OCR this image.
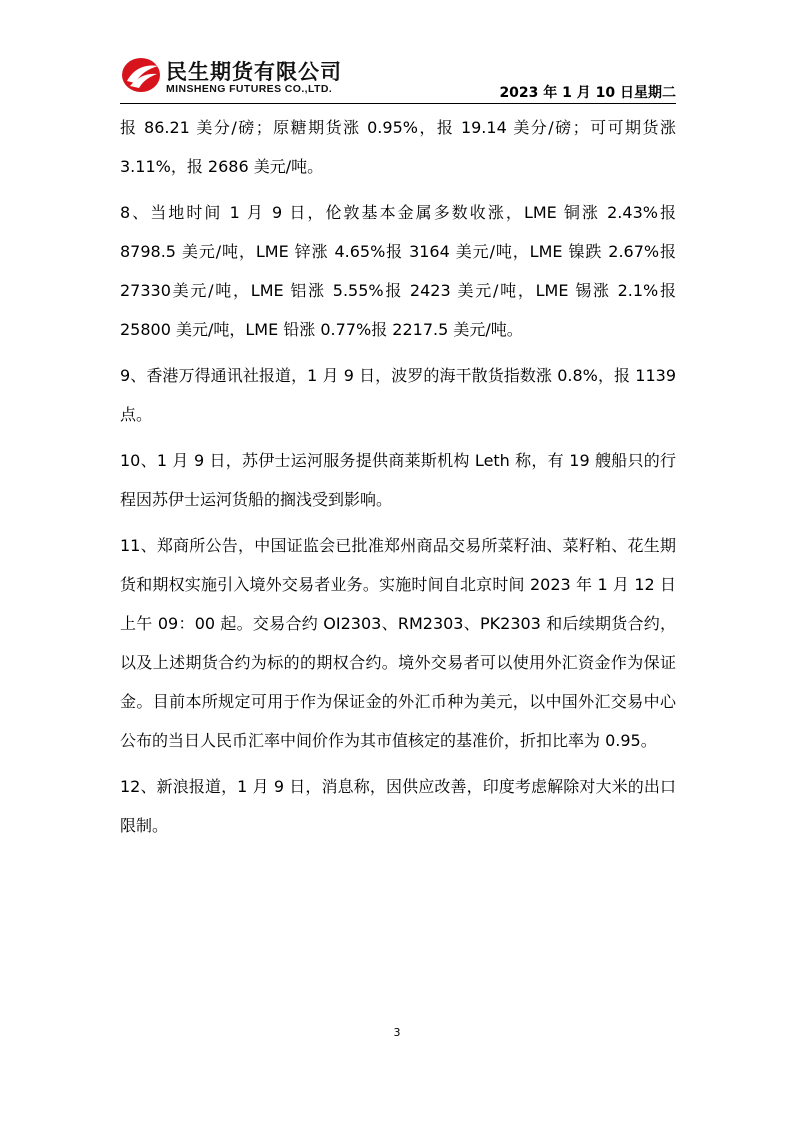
民生期货有限公司
MINSHENG FUTURES CO.,LTD.	2023 年 1 月 10 日星期二

报 86.21 美分/磅；原糖期货涨 0.95%，报 19.14 美分/磅；可可期货涨 3.11%，报 2686 美元/吨。

8、当地时间 1 月 9 日，伦敦基本金属多数收涨，LME 铜涨 2.43%报 8798.5 美元/吨，LME 锌涨 4.65%报 3164 美元/吨，LME 镍跌 2.67%报 27330美元/吨，LME 铝涨 5.55%报 2423 美元/吨，LME 锡涨 2.1%报 25800 美元/吨，LME 铅涨 0.77%报 2217.5 美元/吨。

9、香港万得通讯社报道，1 月 9 日，波罗的海干散货指数涨 0.8%，报 1139 点。

10、1 月 9 日，苏伊士运河服务提供商莱斯机构 Leth 称，有 19 艘船只的行程因苏伊士运河货船的搁浅受到影响。

11、郑商所公告，中国证监会已批准郑州商品交易所菜籽油、菜籽粕、花生期货和期权实施引入境外交易者业务。实施时间自北京时间 2023 年 1 月 12 日上午 09：00 起。交易合约 OI2303、RM2303、PK2303 和后续期货合约，以及上述期货合约为标的的期权合约。境外交易者可以使用外汇资金作为保证金。目前本所规定可用于作为保证金的外汇币种为美元，以中国外汇交易中心公布的当日人民币汇率中间价作为其市值核定的基准价，折扣比率为 0.95。

12、新浪报道，1 月 9 日，消息称，因供应改善，印度考虑解除对大米的出口限制。

3
